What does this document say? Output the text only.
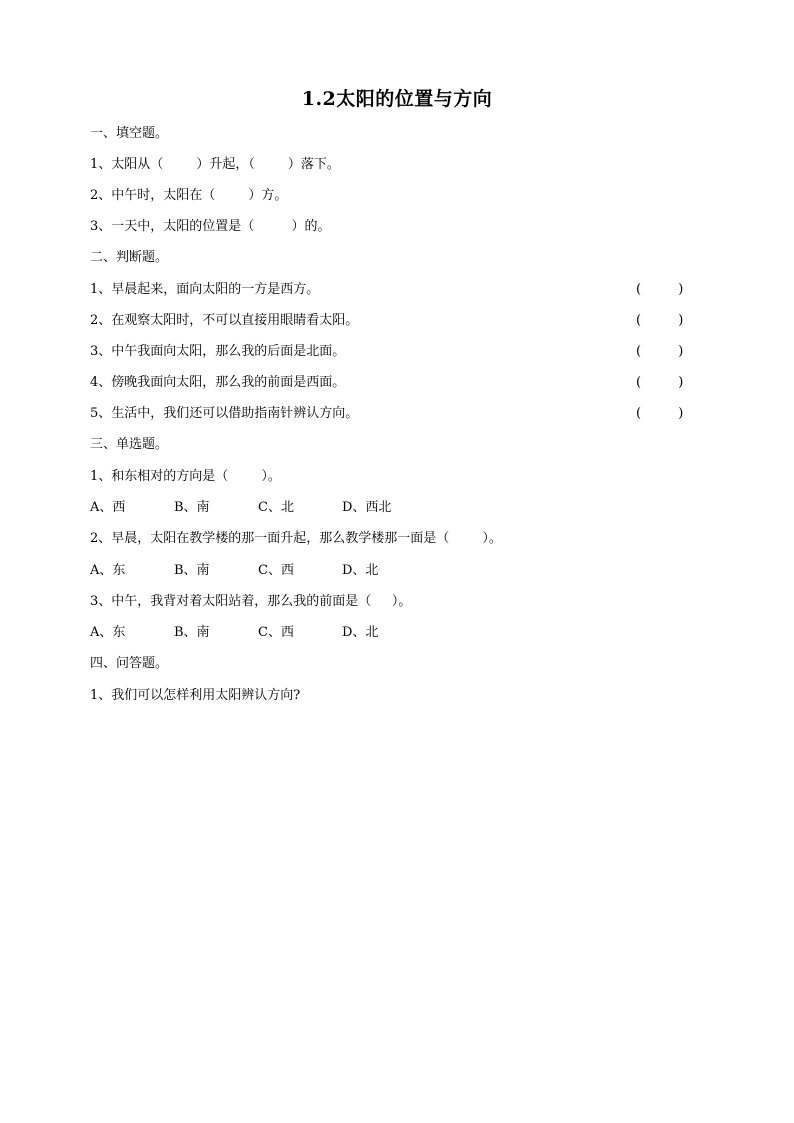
1.2太阳的位置与方向
一、填空题。
1、太阳从（        ）升起，（        ）落下。
2、中午时，太阳在（        ）方。
3、一天中，太阳的位置是（         ）的。
二、判断题。
1、早晨起来，面向太阳的一方是西方。	(         )
2、在观察太阳时，不可以直接用眼睛看太阳。	(         )
3、中午我面向太阳，那么我的后面是北面。	(         )
4、傍晚我面向太阳，那么我的前面是西面。	(         )
5、生活中，我们还可以借助指南针辨认方向。	(         )
三、单选题。
1、和东相对的方向是（        ）。
A、西	B、南	C、北	D、西北
2、早晨，太阳在教学楼的那一面升起，那么教学楼那一面是（        ）。
A、东	B、南	C、西	D、北
3、中午，我背对着太阳站着，那么我的前面是（     ）。
A、东	B、南	C、西	D、北
四、问答题。
1、我们可以怎样利用太阳辨认方向?
